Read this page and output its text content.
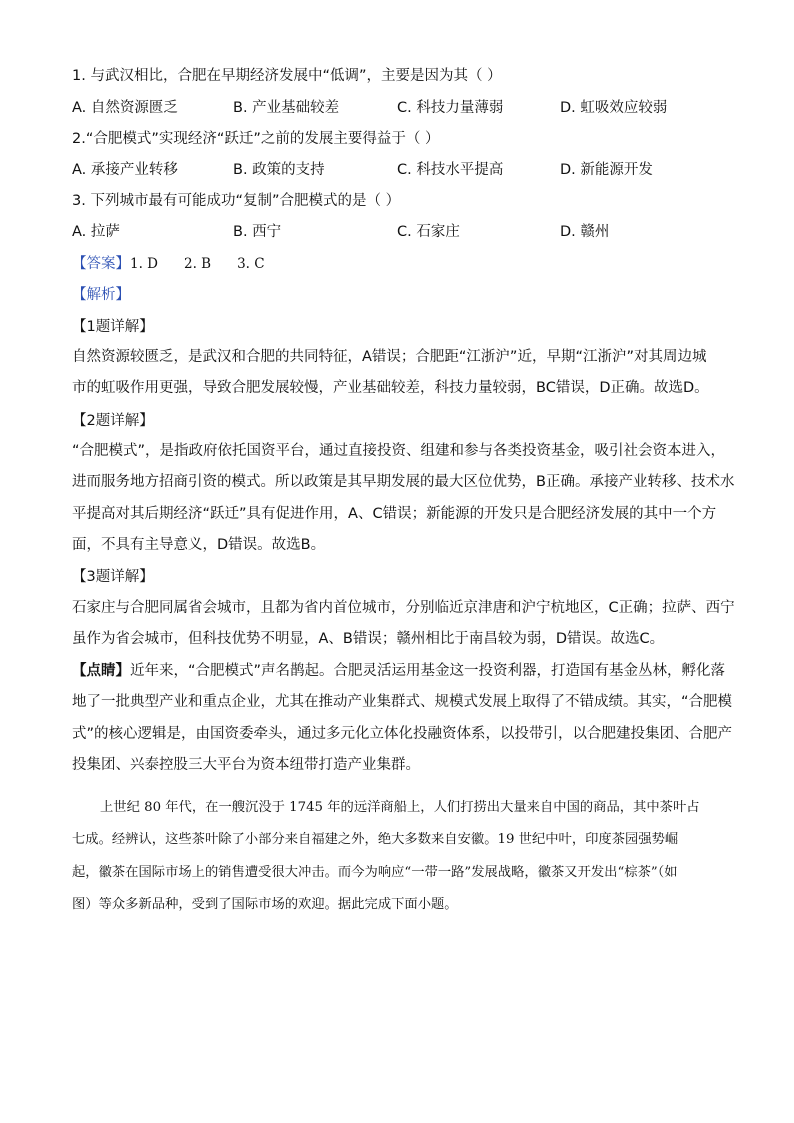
1. 与武汉相比，合肥在早期经济发展中“低调”，主要是因为其（ ）
A. 自然资源匮乏	B. 产业基础较差	C. 科技力量薄弱	D. 虹吸效应较弱
2.“合肥模式”实现经济“跃迁”之前的发展主要得益于（ ）
A. 承接产业转移	B. 政策的支持	C. 科技水平提高	D. 新能源开发
3. 下列城市最有可能成功“复制”合肥模式的是（ ）
A. 拉萨	B. 西宁	C. 石家庄	D. 赣州
【答案】1. D 2. B 3. C
【解析】
【1题详解】
自然资源较匮乏，是武汉和合肥的共同特征，A错误；合肥距“江浙沪”近，早期“江浙沪”对其周边城
市的虹吸作用更强，导致合肥发展较慢，产业基础较差，科技力量较弱，BC错误，D正确。故选D。
【2题详解】
“合肥模式”，是指政府依托国资平台，通过直接投资、组建和参与各类投资基金，吸引社会资本进入，
进而服务地方招商引资的模式。所以政策是其早期发展的最大区位优势，B正确。承接产业转移、技术水
平提高对其后期经济“跃迁”具有促进作用，A、C错误；新能源的开发只是合肥经济发展的其中一个方
面，不具有主导意义，D错误。故选B。
【3题详解】
石家庄与合肥同属省会城市，且都为省内首位城市，分别临近京津唐和沪宁杭地区，C正确；拉萨、西宁
虽作为省会城市，但科技优势不明显，A、B错误；赣州相比于南昌较为弱，D错误。故选C。
【点睛】近年来，“合肥模式”声名鹊起。合肥灵活运用基金这一投资利器，打造国有基金丛林，孵化落
地了一批典型产业和重点企业，尤其在推动产业集群式、规模式发展上取得了不错成绩。其实，“合肥模
式”的核心逻辑是，由国资委牵头，通过多元化立体化投融资体系，以投带引，以合肥建投集团、合肥产
投集团、兴泰控股三大平台为资本纽带打造产业集群。
上世纪 80 年代，在一艘沉没于 1745 年的远洋商船上，人们打捞出大量来自中国的商品，其中茶叶占
七成。经辨认，这些茶叶除了小部分来自福建之外，绝大多数来自安徽。19 世纪中叶，印度茶园强势崛
起，徽茶在国际市场上的销售遭受很大冲击。而今为响应“一带一路”发展战略，徽茶又开发出“棕茶”（如
图）等众多新品种，受到了国际市场的欢迎。据此完成下面小题。
